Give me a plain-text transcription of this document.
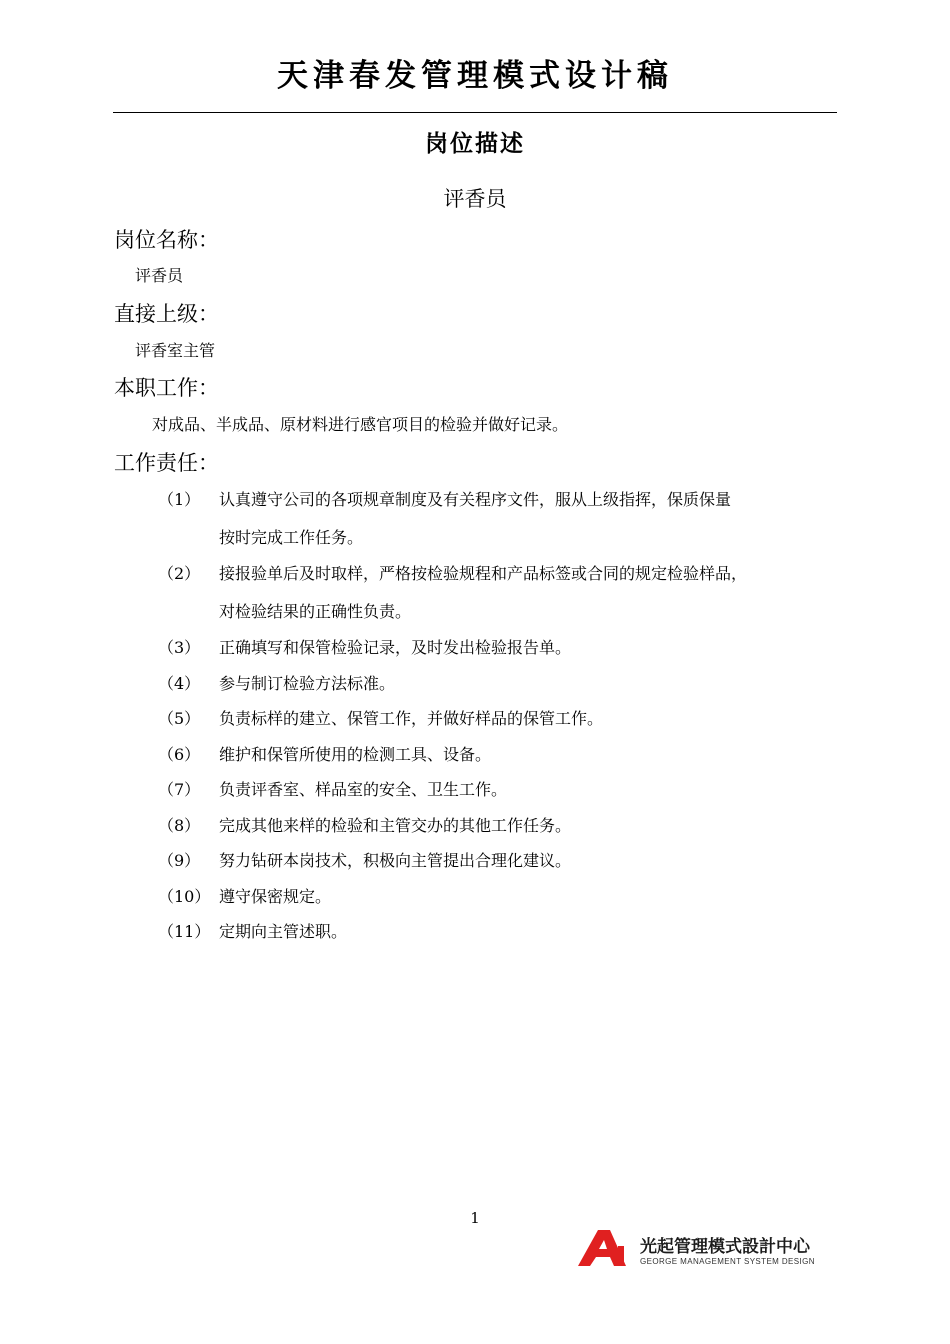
天津春发管理模式设计稿
岗位描述
评香员
岗位名称：
评香员
直接上级：
评香室主管
本职工作：
对成品、半成品、原材料进行感官项目的检验并做好记录。
工作责任：
（1）	认真遵守公司的各项规章制度及有关程序文件，服从上级指挥，保质保量
按时完成工作任务。
（2）	接报验单后及时取样，严格按检验规程和产品标签或合同的规定检验样品，
对检验结果的正确性负责。
（3）	正确填写和保管检验记录，及时发出检验报告单。
（4）	参与制订检验方法标准。
（5）	负责标样的建立、保管工作，并做好样品的保管工作。
（6）	维护和保管所使用的检测工具、设备。
（7）	负责评香室、样品室的安全、卫生工作。
（8）	完成其他来样的检验和主管交办的其他工作任务。
（9）	努力钻研本岗技术，积极向主管提出合理化建议。
（10） 遵守保密规定。
（11） 定期向主管述职。
1
光起管理模式設計中心
GEORGE MANAGEMENT SYSTEM DESIGN
